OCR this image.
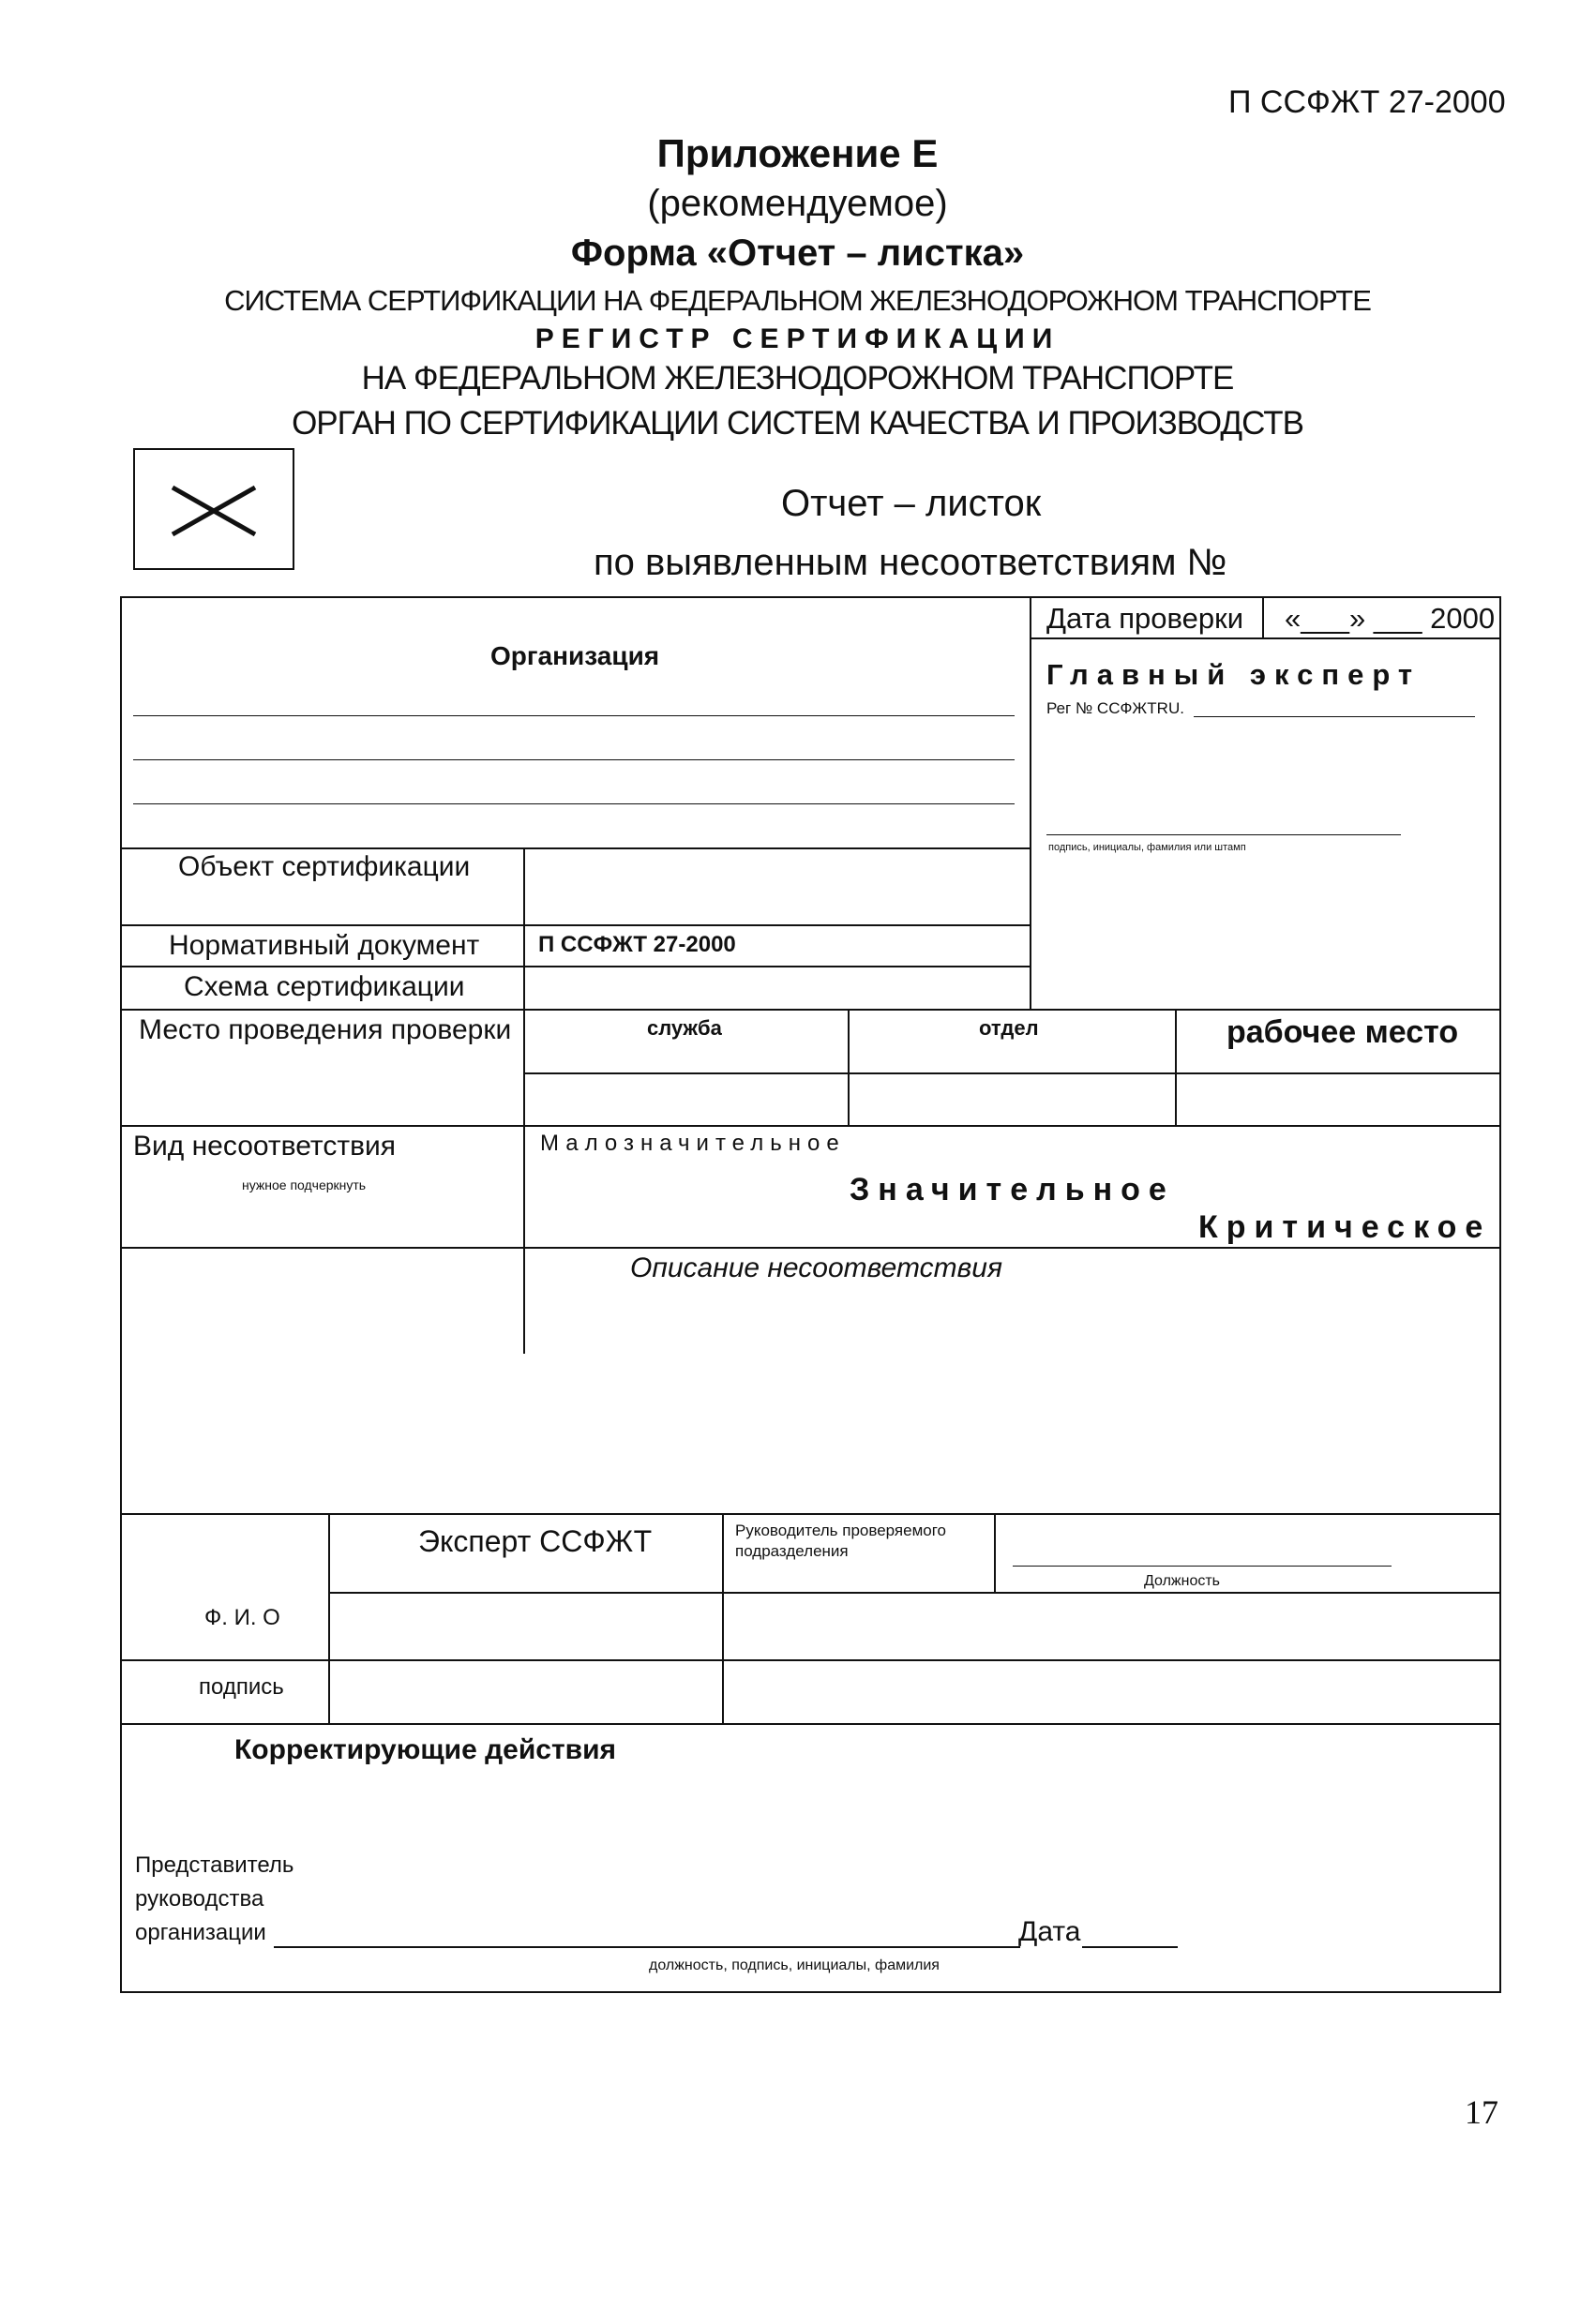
П ССФЖТ 27-2000
Приложение Е
(рекомендуемое)
Форма «Отчет – листка»
СИСТЕМА СЕРТИФИКАЦИИ НА ФЕДЕРАЛЬНОМ ЖЕЛЕЗНОДОРОЖНОМ ТРАНСПОРТЕ
РЕГИСТР СЕРТИФИКАЦИИ
НА ФЕДЕРАЛЬНОМ ЖЕЛЕЗНОДОРОЖНОМ ТРАНСПОРТЕ
ОРГАН ПО СЕРТИФИКАЦИИ СИСТЕМ КАЧЕСТВА И ПРОИЗВОДСТВ
Отчет – листок
по выявленным несоответствиям №
Организация
Дата проверки «___» ___ 2000
Главный эксперт
Рег № ССФЖТRU.
подпись, инициалы, фамилия или штамп
Объект сертификации
Нормативный документ	П ССФЖТ 27-2000
Схема сертификации
Место проведения проверки	служба	отдел	рабочее место
Вид несоответствия
нужное подчеркнуть
Малозначительное
Значительное
Критическое
Описание несоответствия
Эксперт ССФЖТ	Руководитель проверяемого подразделения
Должность
Ф. И. О
подпись
Корректирующие действия
Представитель
руководства
организации	Дата
должность, подпись, инициалы, фамилия
17
